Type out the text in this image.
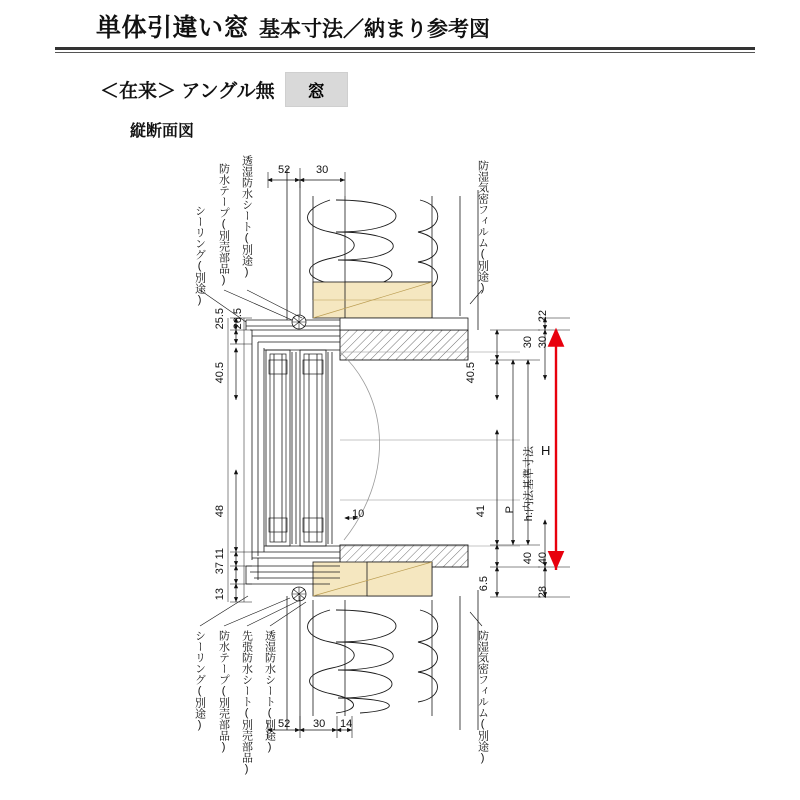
単体引違い窓 基本寸法／納まり参考図
＜在来＞ アングル無	窓
縦断面図
シーリング(別途) 防水テープ(別売部品) 透湿防水シート(別途)	防湿気密フィルム(別途)
シーリング(別途) 防水テープ(別売部品) 先張防水シート(別売部品) 透湿防水シート(別途)	防湿気密フィルム(別途)
52 30
52 30 14
25.5 26.5
40.5
48
11
37
13
10
30
40.5
41
40
6.5
P h:内法基準寸法
22
30
40
28
H
